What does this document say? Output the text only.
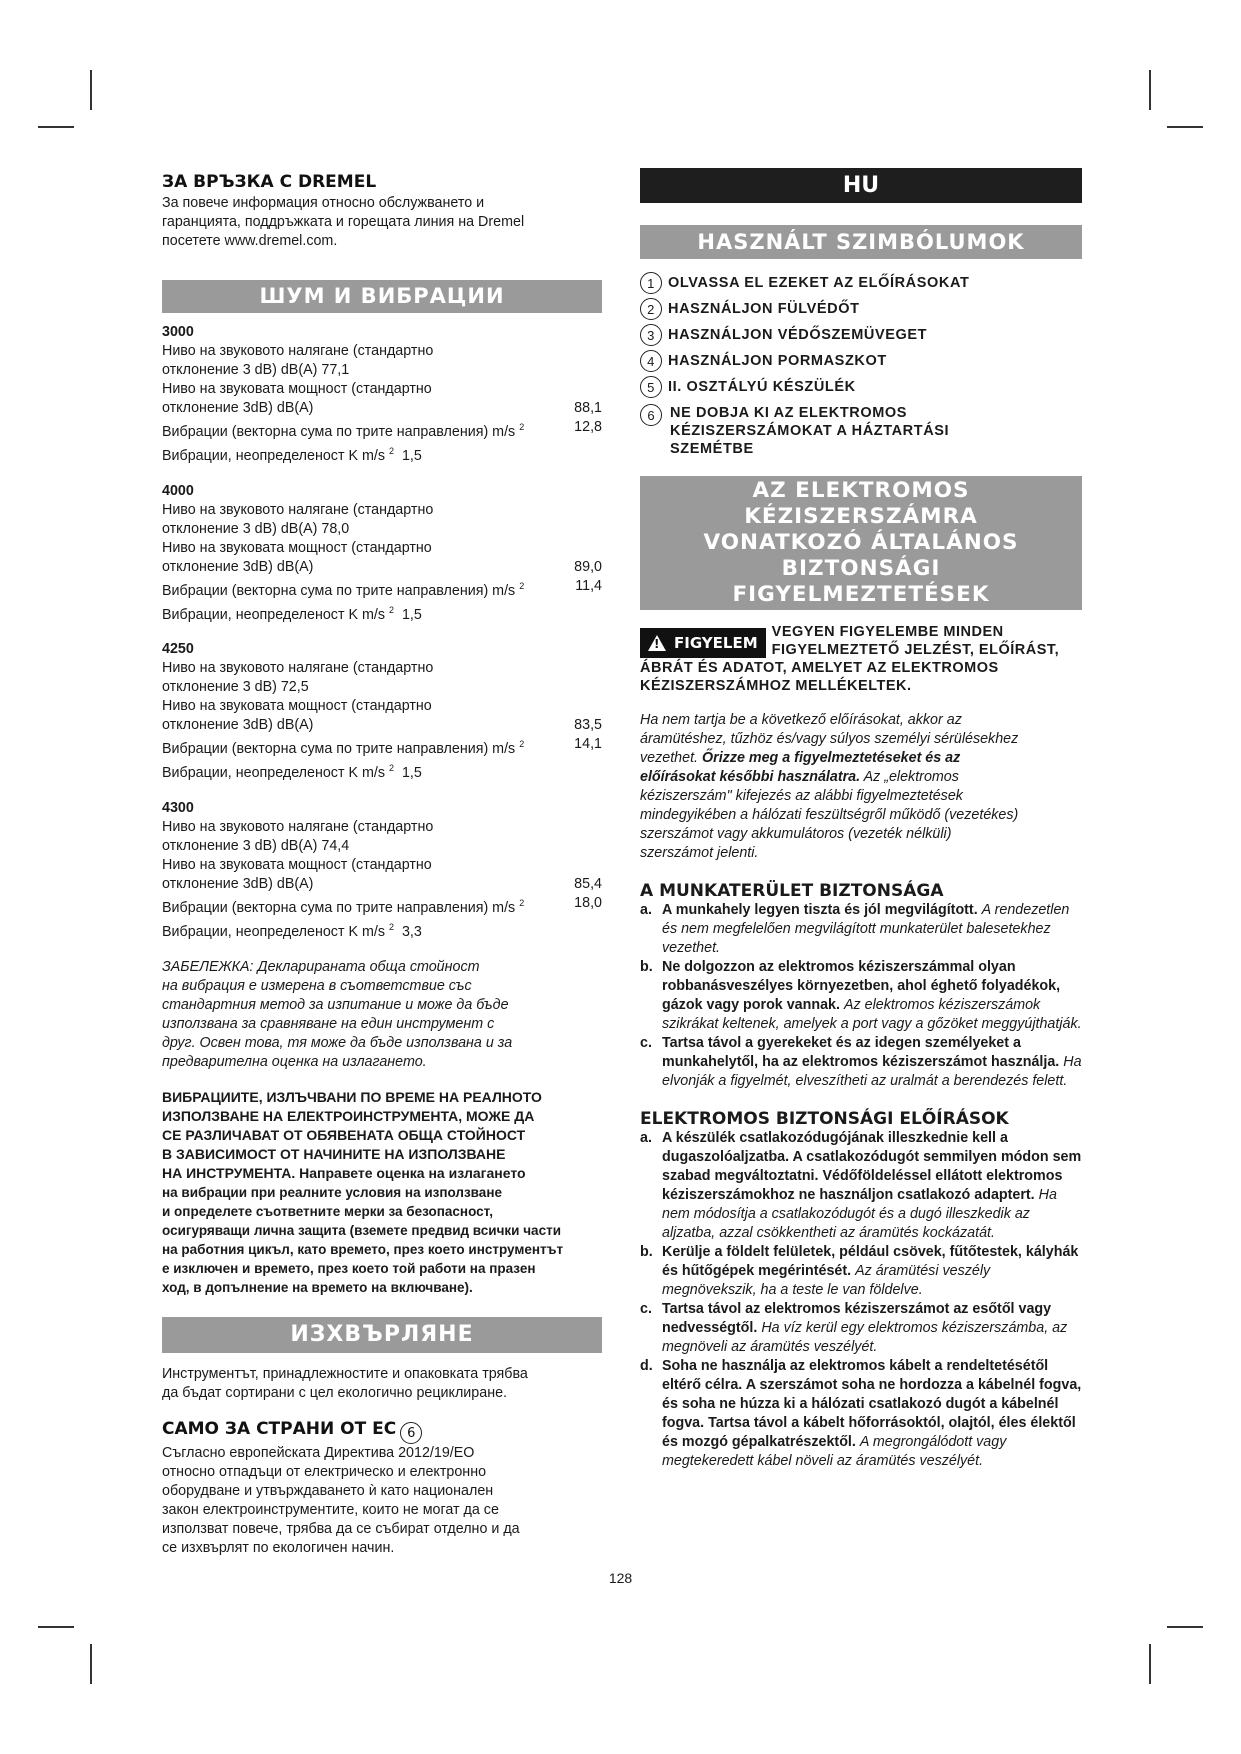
ЗА ВРЪЗКА С DREMEL

За повече информация относно обслужването и

гаранцията, поддръжката и горещата линия на Dremel

посетете www.dremel.com.

ШУМ И ВИБРАЦИИ

3000

Ниво на звуковото налягане (стандартно

отклонение 3 dB) dB(A) 77,1

Ниво на звуковата мощност (стандартно

отклонение 3dB) dB(A)	88,1
Вибрации (векторна сума по трите направления) m/s $^2$	12,8
Вибрации, неопределеност K m/s $^2$ 1,5

4000

Ниво на звуковото налягане (стандартно

отклонение 3 dB) dB(A) 78,0

Ниво на звуковата мощност (стандартно

отклонение 3dB) dB(A)	89,0
Вибрации (векторна сума по трите направления) m/s $^2$	11,4
Вибрации, неопределеност K m/s $^2$ 1,5

4250

Ниво на звуковото налягане (стандартно

отклонение 3 dB) 72,5

Ниво на звуковата мощност (стандартно

отклонение 3dB) dB(A)	83,5
Вибрации (векторна сума по трите направления) m/s $^2$	14,1
Вибрации, неопределеност K m/s $^2$ 1,5

4300

Ниво на звуковото налягане (стандартно

отклонение 3 dB) dB(A) 74,4

Ниво на звуковата мощност (стандартно

отклонение 3dB) dB(A)	85,4
Вибрации (векторна сума по трите направления) m/s $^2$	18,0
Вибрации, неопределеност K m/s $^2$ 3,3

ЗАБЕЛЕЖКА: Декларираната обща стойност

на вибрация е измерена в съответствие със

стандартния метод за изпитание и може да бъде

използвана за сравняване на един инструмент с

друг. Освен това, тя може да бъде използвана и за

предварителна оценка на излагането.

ВИБРАЦИИТЕ, ИЗЛЪЧВАНИ ПО ВРЕМЕ НА РЕАЛНОТО

ИЗПОЛЗВАНЕ НА ЕЛЕКТРОИНСТРУМЕНТА, МОЖЕ ДА

СЕ РАЗЛИЧАВАТ ОТ ОБЯВЕНАТА ОБЩА СТОЙНОСТ

В ЗАВИСИМОСТ ОТ НАЧИНИТЕ НА ИЗПОЛЗВАНЕ

НА ИНСТРУМЕНТА. Направете оценка на излагането

на вибрации при реалните условия на използване

и определете съответните мерки за безопасност,

осигуряващи лична защита (вземете предвид всички части

на работния цикъл, като времето, през което инструментът

е изключен и времето, през което той работи на празен

ход, в допълнение на времето на включване).

ИЗХВЪРЛЯНЕ

Инструментът, принадлежностите и опаковката трябва

да бъдат сортирани с цел екологично рециклиране.

САМО ЗА СТРАНИ ОТ ЕС 6

Съгласно европейската Директива 2012/19/ЕО

относно отпадъци от електрическо и електронно

оборудване и утвърждаването ѝ като национален

закон електроинструментите, които не могат да се

използват повече, трябва да се събират отделно и да

се изхвърлят по екологичен начин.

HU
HASZNÁLT SZIMBÓLUMOK
1 OLVASSA EL EZEKET AZ ELŐÍRÁSOKAT
2 HASZNÁLJON FÜLVÉDŐT
3 HASZNÁLJON VÉDŐSZEMÜVEGET
4 HASZNÁLJON PORMASZKOT
5 II. OSZTÁLYÚ KÉSZÜLÉK
6	NE DOBJA KI AZ ELEKTROMOS
KÉZISZERSZÁMOKAT A HÁZTARTÁSI
SZEMÉTBE
AZ ELEKTROMOS KÉZISZERSZÁMRA
VONATKOZÓ ÁLTALÁNOS BIZTONSÁGI
FIGYELMEZTETÉSEK
! FIGYELEM
VEGYEN FIGYELEMBE MINDEN
FIGYELMEZTETŐ JELZÉST, ELŐÍRÁST,
ÁBRÁT ÉS ADATOT, AMELYET AZ ELEKTROMOS
KÉZISZERSZÁMHOZ MELLÉKELTEK.
Ha nem tartja be a következő előírásokat, akkor az
áramütéshez, tűzhöz és/vagy súlyos személyi sérülésekhez
vezethet. Őrizze meg a figyelmeztetéseket és az
előírásokat későbbi használatra. Az „elektromos
kéziszerszám" kifejezés az alábbi figyelmeztetések
mindegyikében a hálózati feszültségről működő (vezetékes)
szerszámot vagy akkumulátoros (vezeték nélküli)
szerszámot jelenti.

A MUNKATERÜLET BIZTONSÁGA

a. A munkahely legyen tiszta és jól megvilágított. A rendezetlen és nem megfelelően megvilágított munkaterület balesetekhez vezethet.
b. Ne dolgozzon az elektromos kéziszerszámmal olyan robbanásveszélyes környezetben, ahol éghető folyadékok, gázok vagy porok vannak. Az elektromos kéziszerszámok szikrákat keltenek, amelyek a port vagy a gőzöket meggyújthatják.
c. Tartsa távol a gyerekeket és az idegen személyeket a munkahelytől, ha az elektromos kéziszerszámot használja. Ha elvonják a figyelmét, elveszítheti az uralmát a berendezés felett.

ELEKTROMOS BIZTONSÁGI ELŐÍRÁSOK

a. A készülék csatlakozódugójának illeszkednie kell a dugaszolóaljzatba. A csatlakozódugót semmilyen módon sem szabad megváltoztatni. Védőföldeléssel ellátott elektromos kéziszerszámokhoz ne használjon csatlakozó adaptert. Ha nem módosítja a csatlakozódugót és a dugó illeszkedik az aljzatba, azzal csökkentheti az áramütés kockázatát.
b. Kerülje a földelt felületek, például csövek, fűtőtestek, kályhák és hűtőgépek megérintését. Az áramütési veszély megnövekszik, ha a teste le van földelve.
c. Tartsa távol az elektromos kéziszerszámot az esőtől vagy nedvességtől. Ha víz kerül egy elektromos kéziszerszámba, az megnöveli az áramütés veszélyét.
d. Soha ne használja az elektromos kábelt a rendeltetésétől eltérő célra. A szerszámot soha ne hordozza a kábelnél fogva, és soha ne húzza ki a hálózati csatlakozó dugót a kábelnél fogva. Tartsa távol a kábelt hőforrásoktól, olajtól, éles élektől és mozgó gépalkatrészektől. A megrongálódott vagy megtekeredett kábel növeli az áramütés veszélyét.
128
